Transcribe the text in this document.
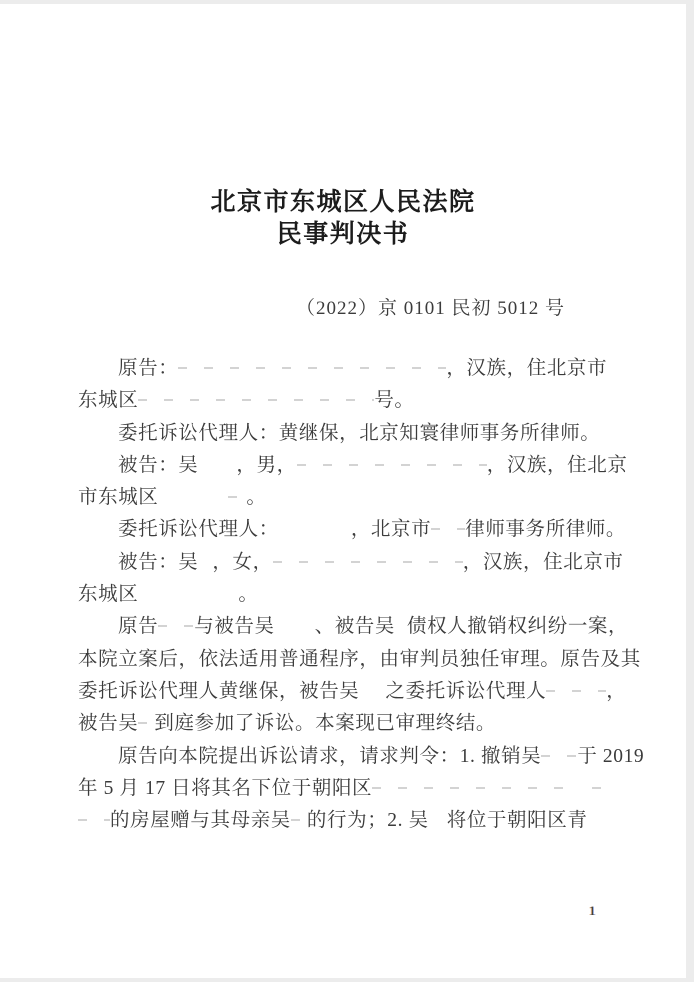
北京市东城区人民法院
民事判决书
（2022）京 0101 民初 5012 号
原告：	，汉族，住北京市
东城区	号。
委托诉讼代理人：黄继保，北京知寰律师事务所律师。
被告：吴 ，男，	，汉族，住北京
市东城区	。
委托诉讼代理人：	，北京市 律师事务所律师。
被告：吴 ，女，	，汉族，住北京市
东城区	。
原告 与被告吴 、被告吴 债权人撤销权纠纷一案，
本院立案后，依法适用普通程序，由审判员独任审理。原告及其
委托诉讼代理人黄继保，被告吴 之委托诉讼代理人	，
被告吴 到庭参加了诉讼。本案现已审理终结。
原告向本院提出诉讼请求，请求判令：1. 撤销吴 于 2019
年 5 月 17 日将其名下位于朝阳区
的房屋赠与其母亲吴 的行为；2. 吴 将位于朝阳区青
1
